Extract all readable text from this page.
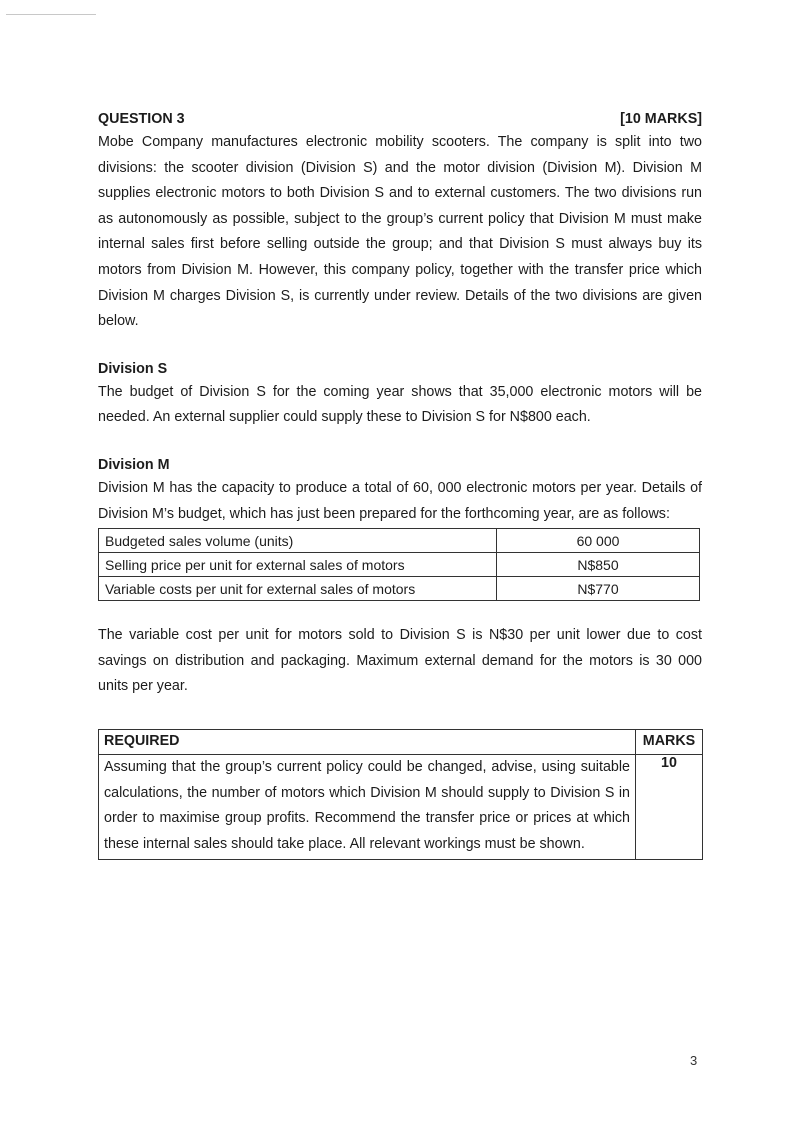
QUESTION 3	[10 MARKS]
Mobe Company manufactures electronic mobility scooters. The company is split into two divisions: the scooter division (Division S) and the motor division (Division M). Division M supplies electronic motors to both Division S and to external customers. The two divisions run as autonomously as possible, subject to the group’s current policy that Division M must make internal sales first before selling outside the group; and that Division S must always buy its motors from Division M. However, this company policy, together with the transfer price which Division M charges Division S, is currently under review. Details of the two divisions are given below.
Division S
The budget of Division S for the coming year shows that 35,000 electronic motors will be needed. An external supplier could supply these to Division S for N$800 each.
Division M
Division M has the capacity to produce a total of 60, 000 electronic motors per year. Details of Division M’s budget, which has just been prepared for the forthcoming year, are as follows:
Budgeted sales volume (units)	60 000
Selling price per unit for external sales of motors	N$850
Variable costs per unit for external sales of motors	N$770
The variable cost per unit for motors sold to Division S is N$30 per unit lower due to cost savings on distribution and packaging. Maximum external demand for the motors is 30 000 units per year.
REQUIRED	MARKS
Assuming that the group’s current policy could be changed, advise, using suitable calculations, the number of motors which Division M should supply to Division S in order to maximise group profits. Recommend the transfer price or prices at which these internal sales should take place. All relevant workings must be shown.	10
3
